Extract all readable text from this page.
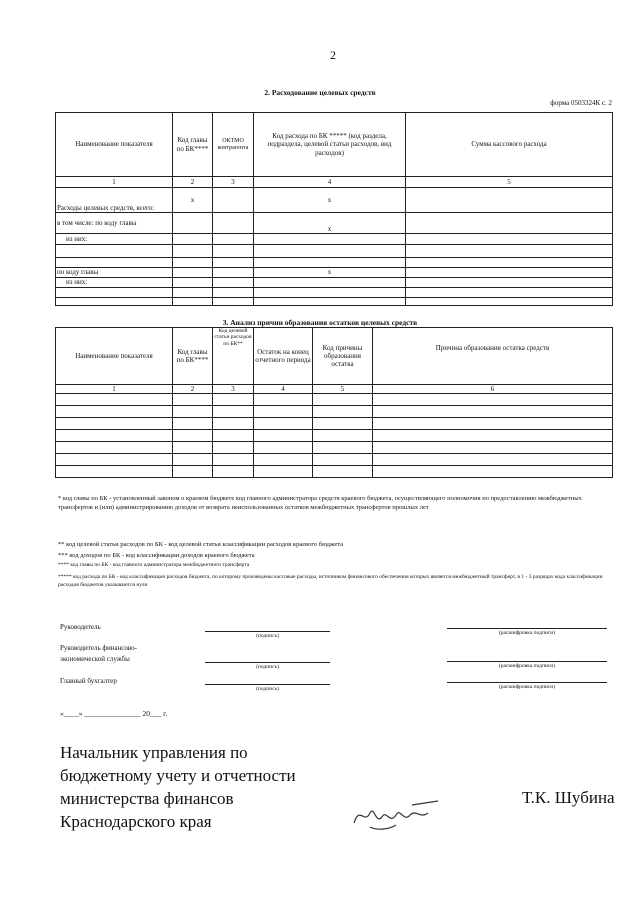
2
2. Расходование целевых средств
форма 0503324К с. 2
Наименование показателя	Код главы по БК****	ОКТМО контрагента	Код расхода по БК ***** (код раздела, подраздела, целевой статьи расходов, вид расходов)	Сумма кассового расхода
1	2	3	4	5
Расходы целевых средств, всего:	х		х	
в том числе: по коду главы			х	
из них:				

по коду главы			х	
из них:				

3. Анализ причин образования остатков целевых средств
Наименование показателя	Код главы по БК****	Код целевой статьи расходов по БК**	Остаток на конец отчетного периода	Код причины образования остатка	Причина образования остатка средств
1	2	3	4	5	6

* код главы по БК - установленный законом о краевом бюджете код главного администратора средств краевого бюджета, осуществляющего полномочия по предоставлению межбюджетных трансфертов и (или) администрированию доходов от возврата неиспользованных остатков межбюджетных трансфертов прошлых лет
** код целевой статьи расходов по БК - код целевой статьи классификации расходов краевого бюджета
*** код доходов по БК - код классификации доходов краевого бюджета
**** код главы по БК - код главного администратора межбюджетного трансферта
***** код расхода по БК - код классификации расходов бюджета, по которому произведены кассовые расходы, источником финансового обеспечения которых является межбюджетный трансферт, в 1 - 3 разрядах кода классификации расходов бюджетов указываются нули
Руководитель
Руководитель финансово-экономической службы
Главный бухгалтер
(подпись)
(подпись)
(подпись)
(расшифровка подписи)
(расшифровка подписи)
(расшифровка подписи)
«____» _______________ 20___ г.
Начальник управления по бюджетному учету и отчетности министерства финансов Краснодарского края
Т.К. Шубина
